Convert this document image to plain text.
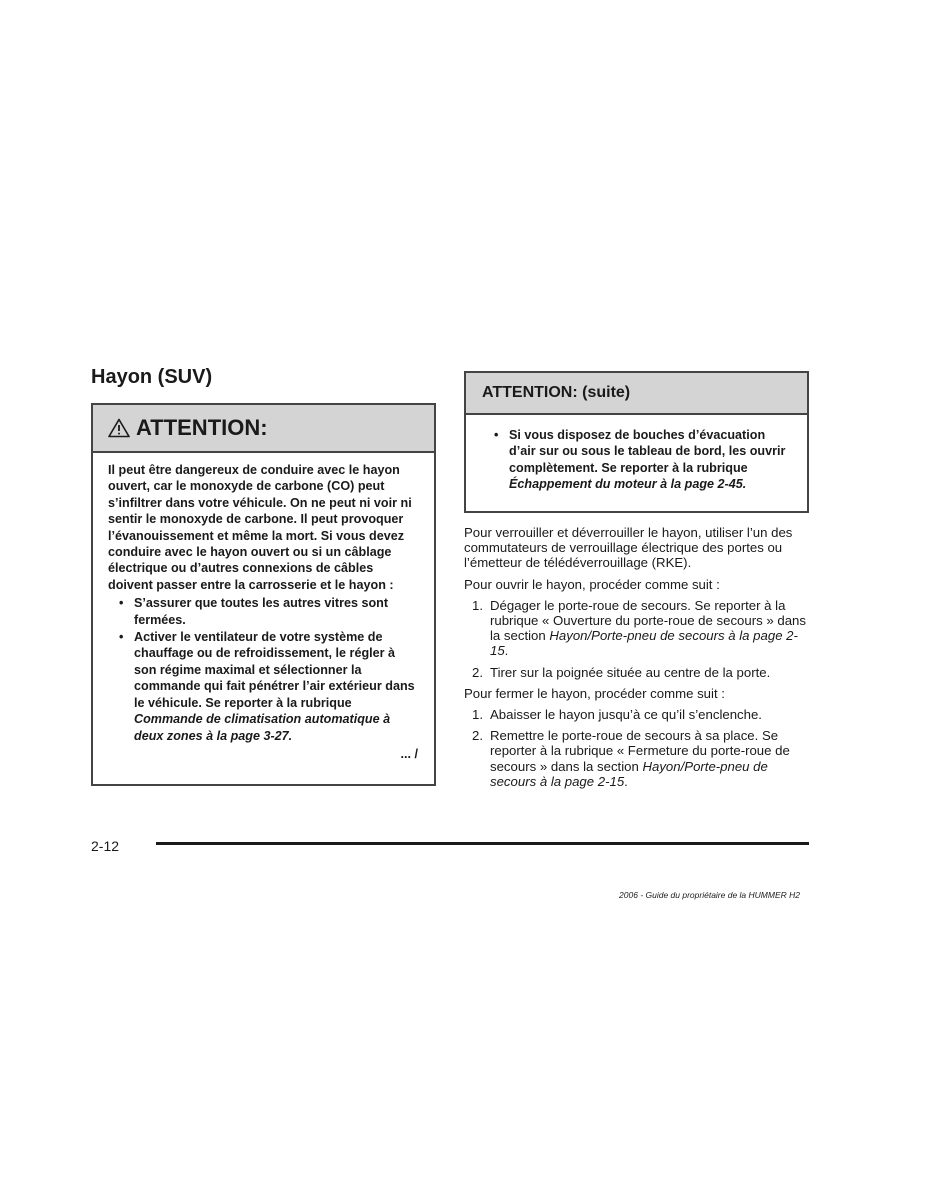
Hayon (SUV)
ATTENTION:

Il peut être dangereux de conduire avec le hayon ouvert, car le monoxyde de carbone (CO) peut s’infiltrer dans votre véhicule. On ne peut ni voir ni sentir le monoxyde de carbone. Il peut provoquer l’évanouissement et même la mort. Si vous devez conduire avec le hayon ouvert ou si un câblage électrique ou d’autres connexions de câbles doivent passer entre la carrosserie et le hayon :

• S’assurer que toutes les autres vitres sont fermées.
• Activer le ventilateur de votre système de chauffage ou de refroidissement, le régler à son régime maximal et sélectionner la commande qui fait pénétrer l’air extérieur dans le véhicule. Se reporter à la rubrique Commande de climatisation automatique à deux zones à la page 3-27.
... /
ATTENTION: (suite)
• Si vous disposez de bouches d’évacuation d’air sur ou sous le tableau de bord, les ouvrir complètement. Se reporter à la rubrique Échappement du moteur à la page 2-45.

Pour verrouiller et déverrouiller le hayon, utiliser l’un des commutateurs de verrouillage électrique des portes ou l’émetteur de télédéverrouillage (RKE).

Pour ouvrir le hayon, procéder comme suit :

1. Dégager le porte-roue de secours. Se reporter à la rubrique « Ouverture du porte-roue de secours » dans la section Hayon/Porte-pneu de secours à la page 2-15.
2. Tirer sur la poignée située au centre de la porte.

Pour fermer le hayon, procéder comme suit :

1. Abaisser le hayon jusqu’à ce qu’il s’enclenche.
2. Remettre le porte-roue de secours à sa place. Se reporter à la rubrique « Fermeture du porte-roue de secours » dans la section Hayon/Porte-pneu de secours à la page 2-15.
2-12
2006 - Guide du propriétaire de la HUMMER H2
